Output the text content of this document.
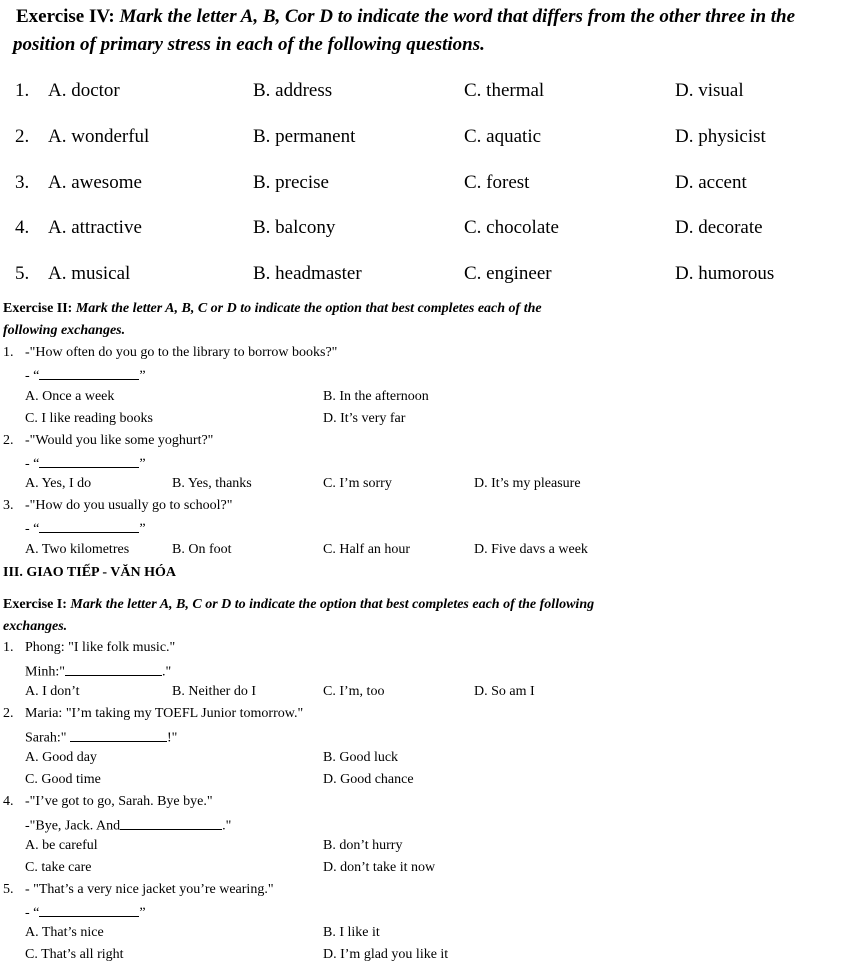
Exercise IV: Mark the letter A, B, Cor D to indicate the word that differs from the other three in the
position of primary stress in each of the following questions.
1. A. doctor	B. address	C. thermal	D. visual
2. A. wonderful	B. permanent	C. aquatic	D. physicist
3. A. awesome	B. precise	C. forest	D. accent
4. A. attractive	B. balcony	C. chocolate	D. decorate
5. A. musical	B. headmaster	C. engineer	D. humorous
Exercise II: Mark the letter A, B, C or D to indicate the option that best completes each of the
following exchanges.
1. -"How often do you go to the library to borrow books?"
- “	”
A. Once a week	B. In the afternoon
C. I like reading books	D. It’s very far
2. -"Would you like some yoghurt?"
- “	”
A. Yes, I do	B. Yes, thanks	C. I’m sorry	D. It’s my pleasure
3. -"How do you usually go to school?"
- “	”
A. Two kilometres	B. On foot	C. Half an hour	D. Five davs a week
III. GIAO TIẾP - VĂN HÓA
Exercise I: Mark the letter A, B, C or D to indicate the option that best completes each of the following
exchanges.
1. Phong: "I like folk music."
Minh:"	."
A. I don’t	B. Neither do I	C. I’m, too	D. So am I
2. Maria: "I’m taking my TOEFL Junior tomorrow."
Sarah:"	!"
A. Good day	B. Good luck
C. Good time	D. Good chance
4. -"I’ve got to go, Sarah. Bye bye."
-"Bye, Jack. And	."
A. be careful	B. don’t hurry
C. take care	D. don’t take it now
5. - "That’s a very nice jacket you’re wearing."
- “	”
A. That’s nice	B. I like it
C. That’s all right	D. I’m glad you like it
